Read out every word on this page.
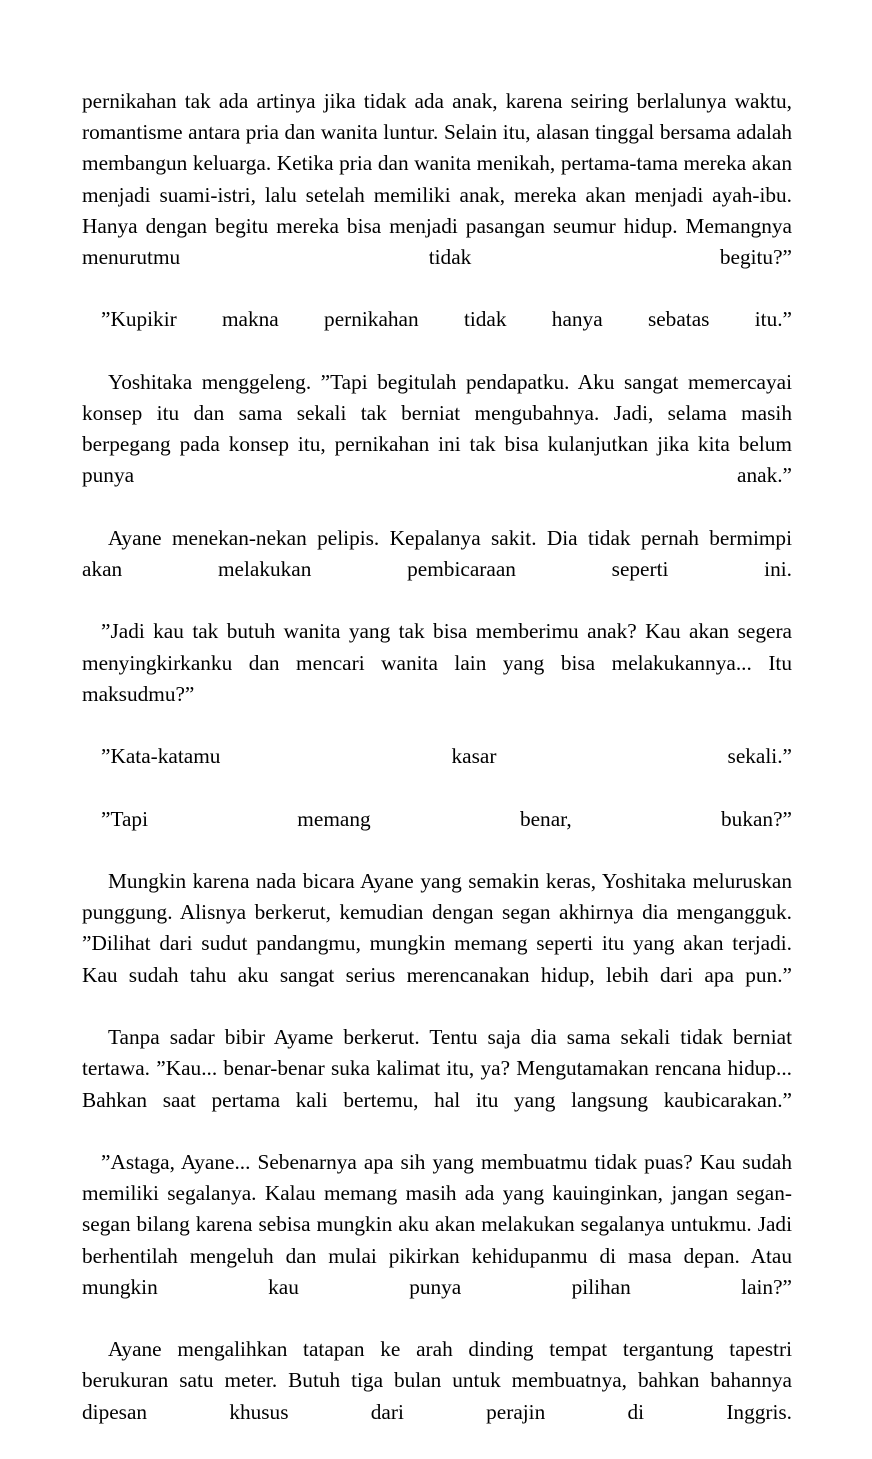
pernikahan tak ada artinya jika tidak ada anak, karena seiring berlalunya waktu, romantisme antara pria dan wanita luntur. Selain itu, alasan tinggal bersama adalah membangun keluarga. Ketika pria dan wanita menikah, pertama-tama mereka akan menjadi suami-istri, lalu setelah memiliki anak, mereka akan menjadi ayah-ibu. Hanya dengan begitu mereka bisa menjadi pasangan seumur hidup. Memangnya menurutmu tidak begitu?”

”Kupikir makna pernikahan tidak hanya sebatas itu.”

Yoshitaka menggeleng. ”Tapi begitulah pendapatku. Aku sangat memercayai konsep itu dan sama sekali tak berniat mengubahnya. Jadi, selama masih berpegang pada konsep itu, pernikahan ini tak bisa kulanjutkan jika kita belum punya anak.”

Ayane menekan-nekan pelipis. Kepalanya sakit. Dia tidak pernah bermimpi akan melakukan pembicaraan seperti ini.

”Jadi kau tak butuh wanita yang tak bisa memberimu anak? Kau akan segera menyingkirkanku dan mencari wanita lain yang bisa melakukannya... Itu maksudmu?”

”Kata-katamu kasar sekali.”

”Tapi memang benar, bukan?”

Mungkin karena nada bicara Ayane yang semakin keras, Yoshitaka meluruskan punggung. Alisnya berkerut, kemudian dengan segan akhirnya dia mengangguk. ”Dilihat dari sudut pandangmu, mungkin memang seperti itu yang akan terjadi. Kau sudah tahu aku sangat serius merencanakan hidup, lebih dari apa pun.”

Tanpa sadar bibir Ayame berkerut. Tentu saja dia sama sekali tidak berniat tertawa. ”Kau... benar-benar suka kalimat itu, ya? Mengutamakan rencana hidup... Bahkan saat pertama kali bertemu, hal itu yang langsung kaubicarakan.”

”Astaga, Ayane... Sebenarnya apa sih yang membuatmu tidak puas? Kau sudah memiliki segalanya. Kalau memang masih ada yang kauinginkan, jangan segan-segan bilang karena sebisa mungkin aku akan melakukan segalanya untukmu. Jadi berhentilah mengeluh dan mulai pikirkan kehidupanmu di masa depan. Atau mungkin kau punya pilihan lain?”

Ayane mengalihkan tatapan ke arah dinding tempat tergantung tapestri berukuran satu meter. Butuh tiga bulan untuk membuatnya, bahkan bahannya dipesan khusus dari perajin di Inggris.
